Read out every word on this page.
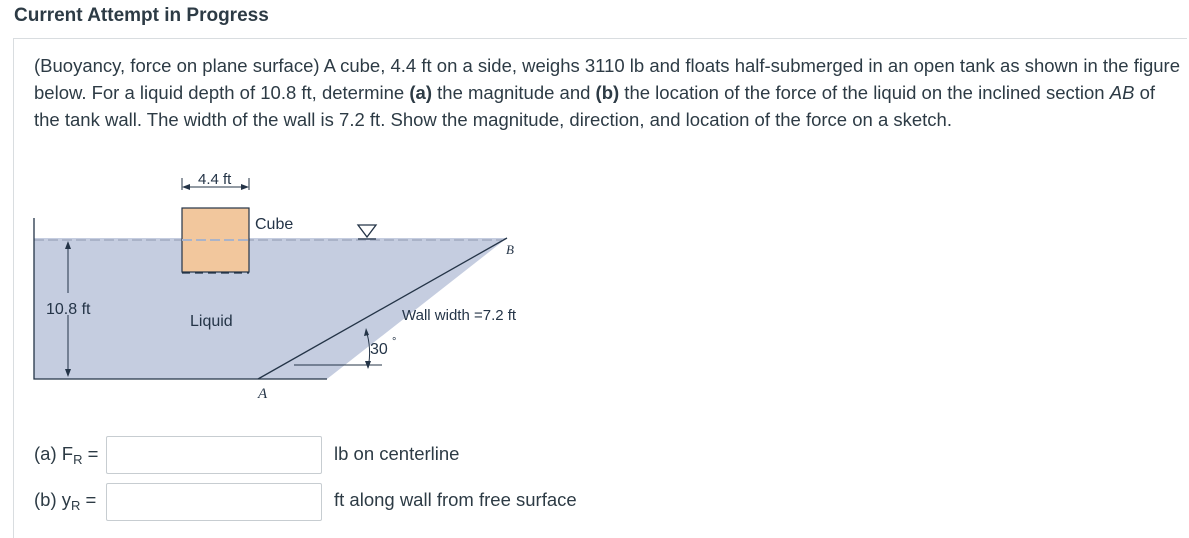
Current Attempt in Progress
(Buoyancy, force on plane surface) A cube, 4.4 ft on a side, weighs 3110 lb and floats half-submerged in an open tank as shown in the figure below. For a liquid depth of 10.8 ft, determine (a) the magnitude and (b) the location of the force of the liquid on the inclined section AB of the tank wall. The width of the wall is 7.2 ft. Show the magnitude, direction, and location of the force on a sketch.
4.4 ft
Cube
10.8 ft
Liquid	Wall width =7.2 ft
30 °
A
B
(a) $F_R$ =	lb on centerline
(b) $y_R$ =	ft along wall from free surface
